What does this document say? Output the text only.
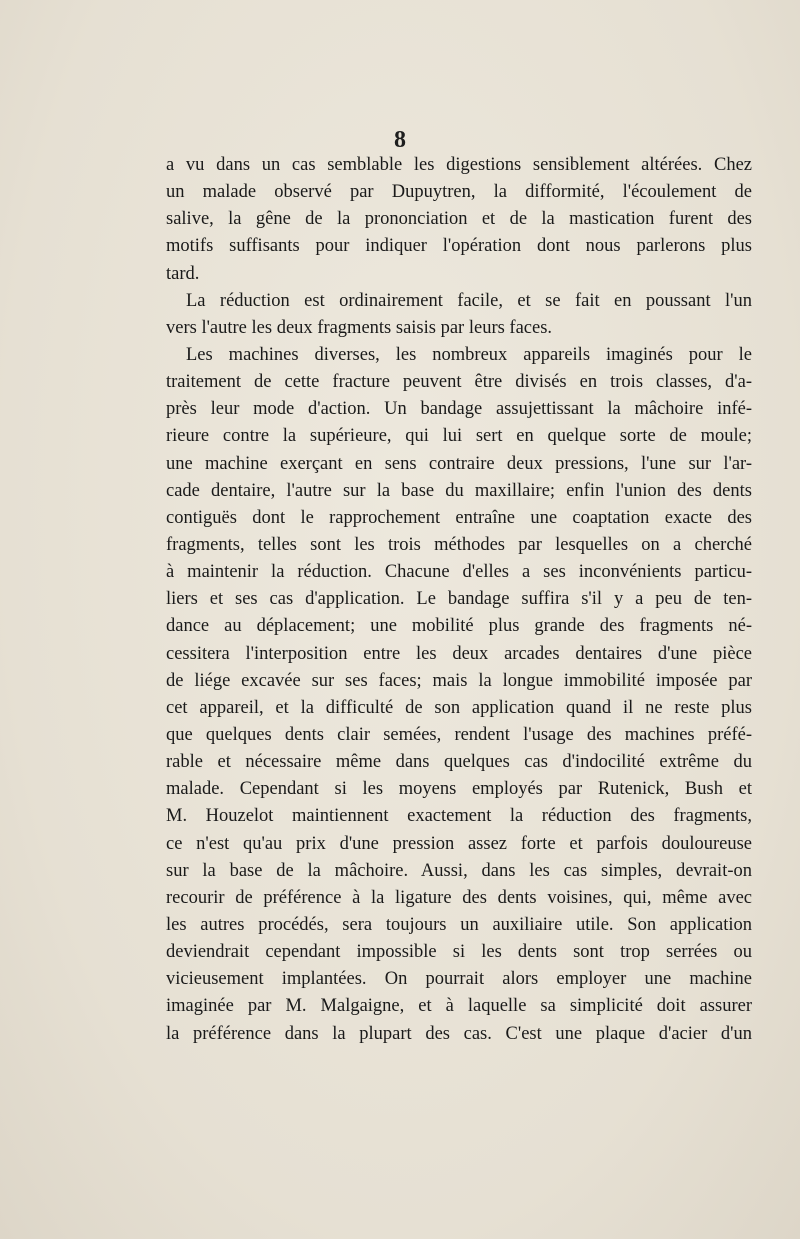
8
a vu dans un cas semblable les digestions sensiblement altérées. Chez
un malade observé par Dupuytren, la difformité, l'écoulement de
salive, la gêne de la prononciation et de la mastication furent des
motifs suffisants pour indiquer l'opération dont nous parlerons plus
tard.
La réduction est ordinairement facile, et se fait en poussant l'un
vers l'autre les deux fragments saisis par leurs faces.
Les machines diverses, les nombreux appareils imaginés pour le
traitement de cette fracture peuvent être divisés en trois classes, d'a-
près leur mode d'action. Un bandage assujettissant la mâchoire infé-
rieure contre la supérieure, qui lui sert en quelque sorte de moule;
une machine exerçant en sens contraire deux pressions, l'une sur l'ar-
cade dentaire, l'autre sur la base du maxillaire; enfin l'union des dents
contiguës dont le rapprochement entraîne une coaptation exacte des
fragments, telles sont les trois méthodes par lesquelles on a cherché
à maintenir la réduction. Chacune d'elles a ses inconvénients particu-
liers et ses cas d'application. Le bandage suffira s'il y a peu de ten-
dance au déplacement; une mobilité plus grande des fragments né-
cessitera l'interposition entre les deux arcades dentaires d'une pièce
de liége excavée sur ses faces; mais la longue immobilité imposée par
cet appareil, et la difficulté de son application quand il ne reste plus
que quelques dents clair semées, rendent l'usage des machines préfé-
rable et nécessaire même dans quelques cas d'indocilité extrême du
malade. Cependant si les moyens employés par Rutenick, Bush et
M. Houzelot maintiennent exactement la réduction des fragments,
ce n'est qu'au prix d'une pression assez forte et parfois douloureuse
sur la base de la mâchoire. Aussi, dans les cas simples, devrait-on
recourir de préférence à la ligature des dents voisines, qui, même avec
les autres procédés, sera toujours un auxiliaire utile. Son application
deviendrait cependant impossible si les dents sont trop serrées ou
vicieusement implantées. On pourrait alors employer une machine
imaginée par M. Malgaigne, et à laquelle sa simplicité doit assurer
la préférence dans la plupart des cas. C'est une plaque d'acier d'un
